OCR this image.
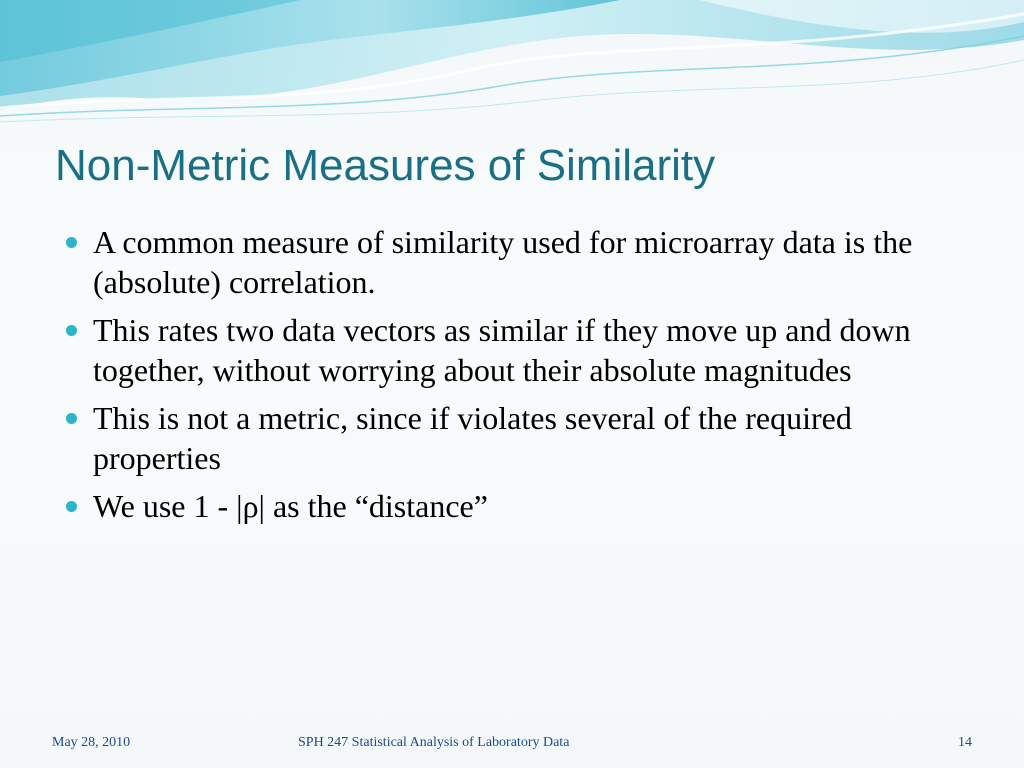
Non-Metric Measures of Similarity
A common measure of similarity used for microarray data is the (absolute) correlation.
This rates two data vectors as similar if they move up and down together, without worrying about their absolute magnitudes
This is not a metric, since if violates several of the required properties
We use 1 - |ρ| as the “distance”
May 28, 2010	SPH 247 Statistical Analysis of Laboratory Data	14
